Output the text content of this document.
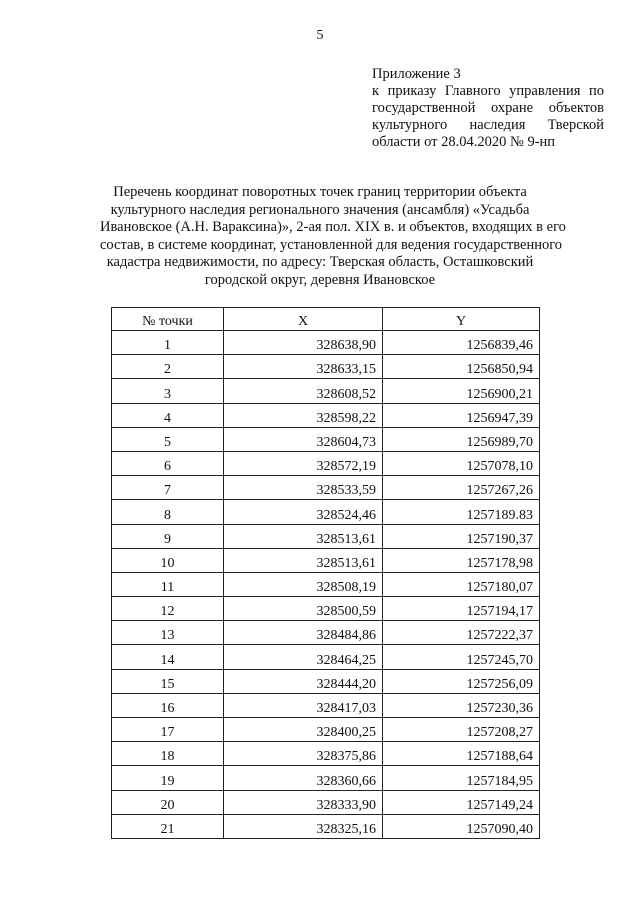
5
Приложение 3
к приказу Главного управления по
государственной охране объектов
культурного наследия Тверской
области от 28.04.2020 № 9-нп
Перечень координат поворотных точек границ территории объекта
культурного наследия регионального значения (ансамбля) «Усадьба
Ивановское (А.Н. Вараксина)», 2-ая пол. XIX в. и объектов, входящих в его
состав, в системе координат, установленной для ведения государственного
кадастра недвижимости, по адресу: Тверская область, Осташковский
городской округ, деревня Ивановское
№ точки	X	Y
1	328638,90	1256839,46
2	328633,15	1256850,94
3	328608,52	1256900,21
4	328598,22	1256947,39
5	328604,73	1256989,70
6	328572,19	1257078,10
7	328533,59	1257267,26
8	328524,46	1257189.83
9	328513,61	1257190,37
10	328513,61	1257178,98
11	328508,19	1257180,07
12	328500,59	1257194,17
13	328484,86	1257222,37
14	328464,25	1257245,70
15	328444,20	1257256,09
16	328417,03	1257230,36
17	328400,25	1257208,27
18	328375,86	1257188,64
19	328360,66	1257184,95
20	328333,90	1257149,24
21	328325,16	1257090,40
